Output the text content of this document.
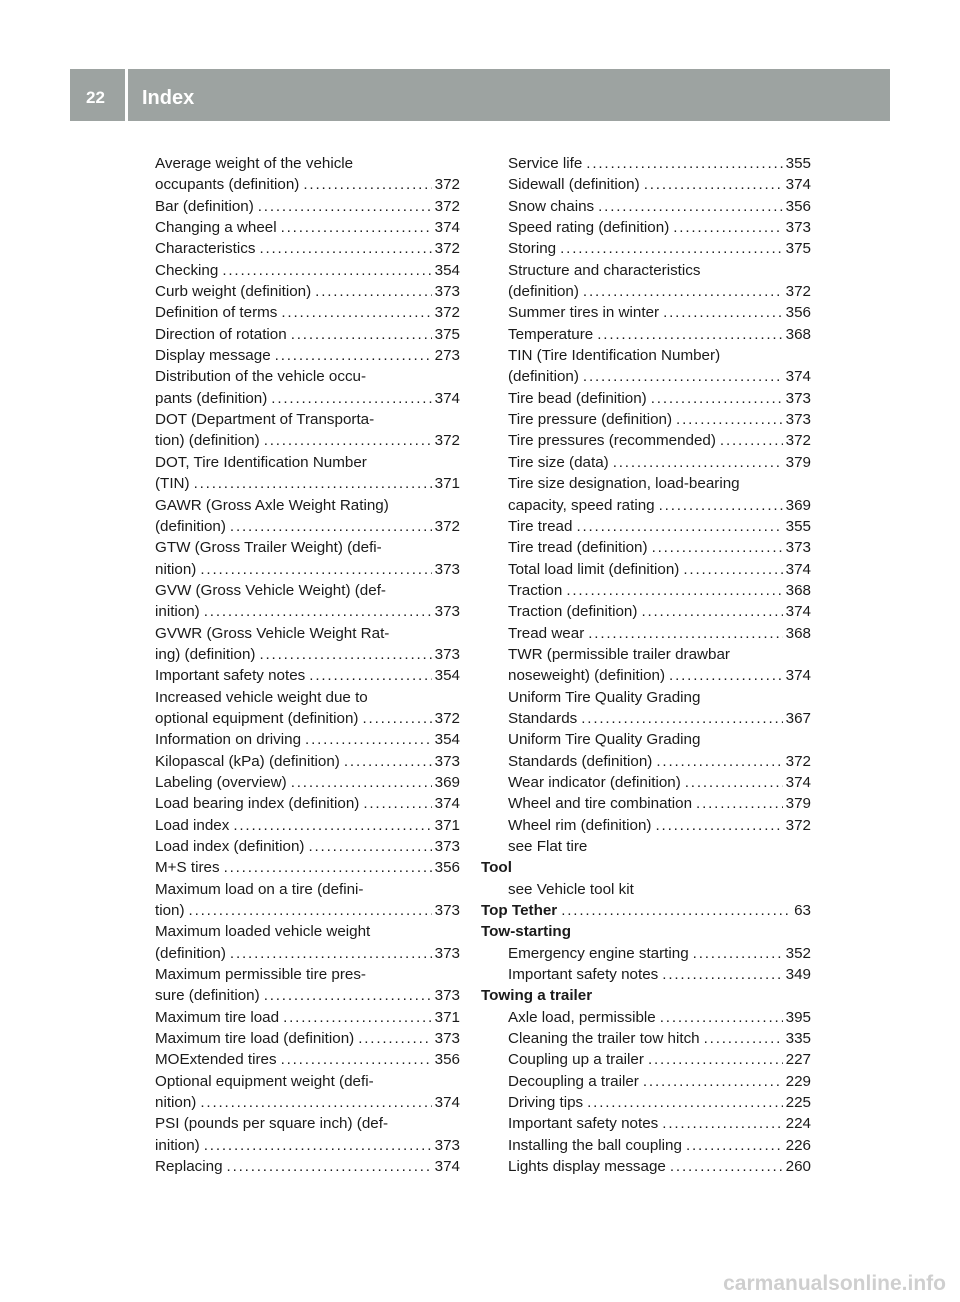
22 Index
Average weight of the vehicle
occupants (definition) . . .	372
Bar (definition) . . .	372
Changing a wheel . . .	374
Characteristics . . .	372
Checking . . .	354
Curb weight (definition) . . .	373
Definition of terms . . .	372
Direction of rotation . . .	375
Display message . . .	273
Distribution of the vehicle occu-
pants (definition) . . .	374
DOT (Department of Transporta-
tion) (definition) . . .	372
DOT, Tire Identification Number
(TIN) . . .	371
GAWR (Gross Axle Weight Rating)
(definition) . . .	372
GTW (Gross Trailer Weight) (defi-
nition) . . .	373
GVW (Gross Vehicle Weight) (def-
inition) . . .	373
GVWR (Gross Vehicle Weight Rat-
ing) (definition) . . .	373
Important safety notes . . .	354
Increased vehicle weight due to
optional equipment (definition) . . .	372
Information on driving . . .	354
Kilopascal (kPa) (definition) . . .	373
Labeling (overview) . . .	369
Load bearing index (definition) . . .	374
Load index . . .	371
Load index (definition) . . .	373
M+S tires . . .	356
Maximum load on a tire (defini-
tion) . . .	373
Maximum loaded vehicle weight
(definition) . . .	373
Maximum permissible tire pres-
sure (definition) . . .	373
Maximum tire load . . .	371
Maximum tire load (definition) . . .	373
MOExtended tires . . .	356
Optional equipment weight (defi-
nition) . . .	374
PSI (pounds per square inch) (def-
inition) . . .	373
Replacing . . .	374
Service life . . .	355
Sidewall (definition) . . .	374
Snow chains . . .	356
Speed rating (definition) . . .	373
Storing . . .	375
Structure and characteristics
(definition) . . .	372
Summer tires in winter . . .	356
Temperature . . .	368
TIN (Tire Identification Number)
(definition) . . .	374
Tire bead (definition) . . .	373
Tire pressure (definition) . . .	373
Tire pressures (recommended) . . .	372
Tire size (data) . . .	379
Tire size designation, load-bearing
capacity, speed rating . . .	369
Tire tread . . .	355
Tire tread (definition) . . .	373
Total load limit (definition) . . .	374
Traction . . .	368
Traction (definition) . . .	374
Tread wear . . .	368
TWR (permissible trailer drawbar
noseweight) (definition) . . .	374
Uniform Tire Quality Grading
Standards . . .	367
Uniform Tire Quality Grading
Standards (definition) . . .	372
Wear indicator (definition) . . .	374
Wheel and tire combination . . .	379
Wheel rim (definition) . . .	372
see Flat tire
Tool
see Vehicle tool kit
Top Tether . . .	63
Tow-starting
Emergency engine starting . . .	352
Important safety notes . . .	349
Towing a trailer
Axle load, permissible . . .	395
Cleaning the trailer tow hitch . . .	335
Coupling up a trailer . . .	227
Decoupling a trailer . . .	229
Driving tips . . .	225
Important safety notes . . .	224
Installing the ball coupling . . .	226
Lights display message . . .	260
carmanualsonline.info
